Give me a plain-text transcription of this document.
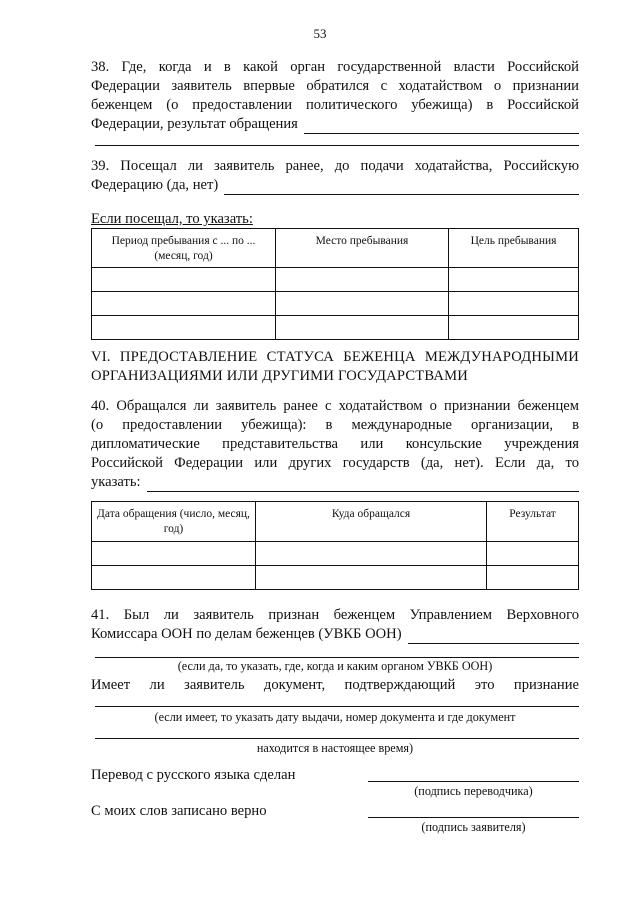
53
38. Где, когда и в какой орган государственной власти Российской
Федерации заявитель впервые обратился с ходатайством о признании
беженцем (о предоставлении политического убежища) в Российской
Федерации, результат обращения
39. Посещал ли заявитель ранее, до подачи ходатайства, Российскую
Федерацию (да, нет)
Если посещал, то указать:
Период пребывания с ... по ... (месяц, год)	Место пребывания	Цель пребывания

VI. ПРЕДОСТАВЛЕНИЕ СТАТУСА БЕЖЕНЦА МЕЖДУНАРОДНЫМИ
ОРГАНИЗАЦИЯМИ ИЛИ ДРУГИМИ ГОСУДАРСТВАМИ
40. Обращался ли заявитель ранее с ходатайством о признании беженцем
(о предоставлении убежища): в международные организации, в
дипломатические представительства или консульские учреждения
Российской Федерации или других государств (да, нет). Если да, то
указать:
Дата обращения (число, месяц, год)	Куда обращался	Результат

41. Был ли заявитель признан беженцем Управлением Верховного
Комиссара ООН по делам беженцев (УВКБ ООН)
(если да, то указать, где, когда и каким органом УВКБ ООН)
Имеет ли заявитель документ, подтверждающий это признание
(если имеет, то указать дату выдачи, номер документа и где документ
находится в настоящее время)
Перевод с русского языка сделан
(подпись переводчика)
С моих слов записано верно
(подпись заявителя)
